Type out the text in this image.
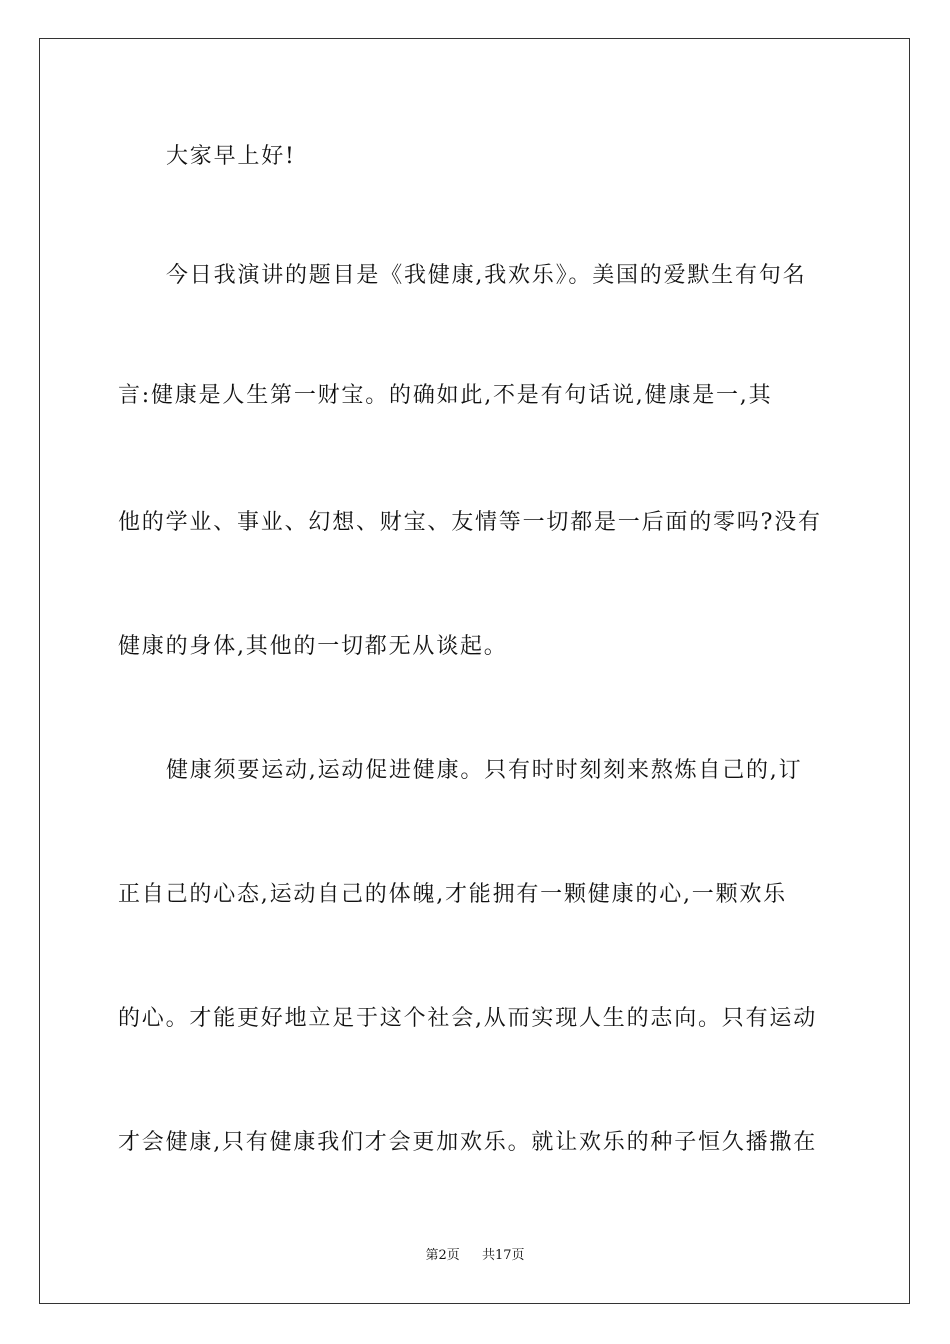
大家早上好!
今日我演讲的题目是《我健康,我欢乐》。美国的爱默生有句名
言:健康是人生第一财宝。的确如此,不是有句话说,健康是一,其
他的学业、事业、幻想、财宝、友情等一切都是一后面的零吗?没有
健康的身体,其他的一切都无从谈起。
健康须要运动,运动促进健康。只有时时刻刻来熬炼自己的,订
正自己的心态,运动自己的体魄,才能拥有一颗健康的心,一颗欢乐
的心。才能更好地立足于这个社会,从而实现人生的志向。只有运动
才会健康,只有健康我们才会更加欢乐。就让欢乐的种子恒久播撒在
第2页 共17页
